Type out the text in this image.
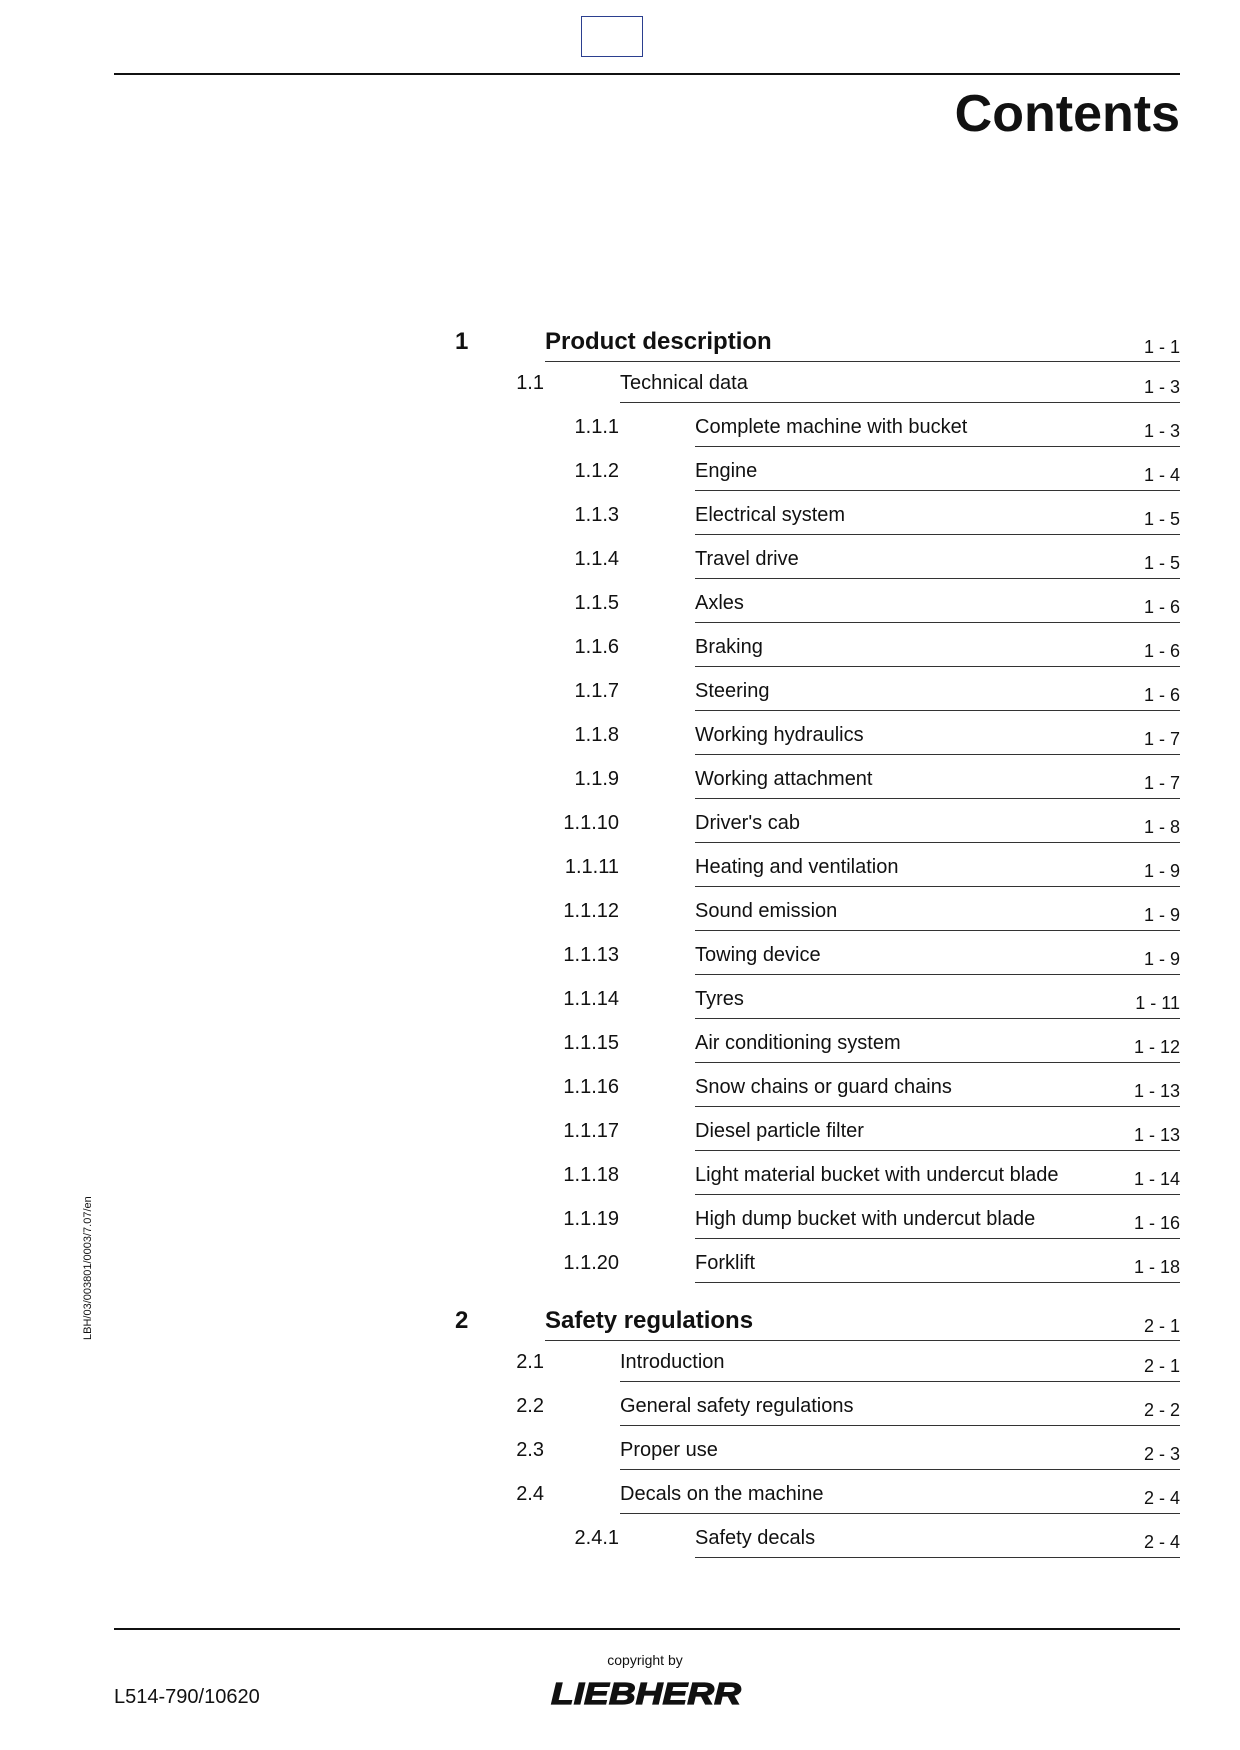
Contents
LBH/03/003801/0003/7.07/en
1	Product description	1 - 1
1.1	Technical data	1 - 3
1.1.1	Complete machine with bucket	1 - 3
1.1.2	Engine	1 - 4
1.1.3	Electrical system	1 - 5
1.1.4	Travel drive	1 - 5
1.1.5	Axles	1 - 6
1.1.6	Braking	1 - 6
1.1.7	Steering	1 - 6
1.1.8	Working hydraulics	1 - 7
1.1.9	Working attachment	1 - 7
1.1.10	Driver's cab	1 - 8
1.1.11	Heating and ventilation	1 - 9
1.1.12	Sound emission	1 - 9
1.1.13	Towing device	1 - 9
1.1.14	Tyres	1 - 11
1.1.15	Air conditioning system	1 - 12
1.1.16	Snow chains or guard chains	1 - 13
1.1.17	Diesel particle filter	1 - 13
1.1.18	Light material bucket with undercut blade	1 - 14
1.1.19	High dump bucket with undercut blade	1 - 16
1.1.20	Forklift	1 - 18
2	Safety regulations	2 - 1
2.1	Introduction	2 - 1
2.2	General safety regulations	2 - 2
2.3	Proper use	2 - 3
2.4	Decals on the machine	2 - 4
2.4.1	Safety decals	2 - 4
L514-790/10620
copyright by
LIEBHERR
